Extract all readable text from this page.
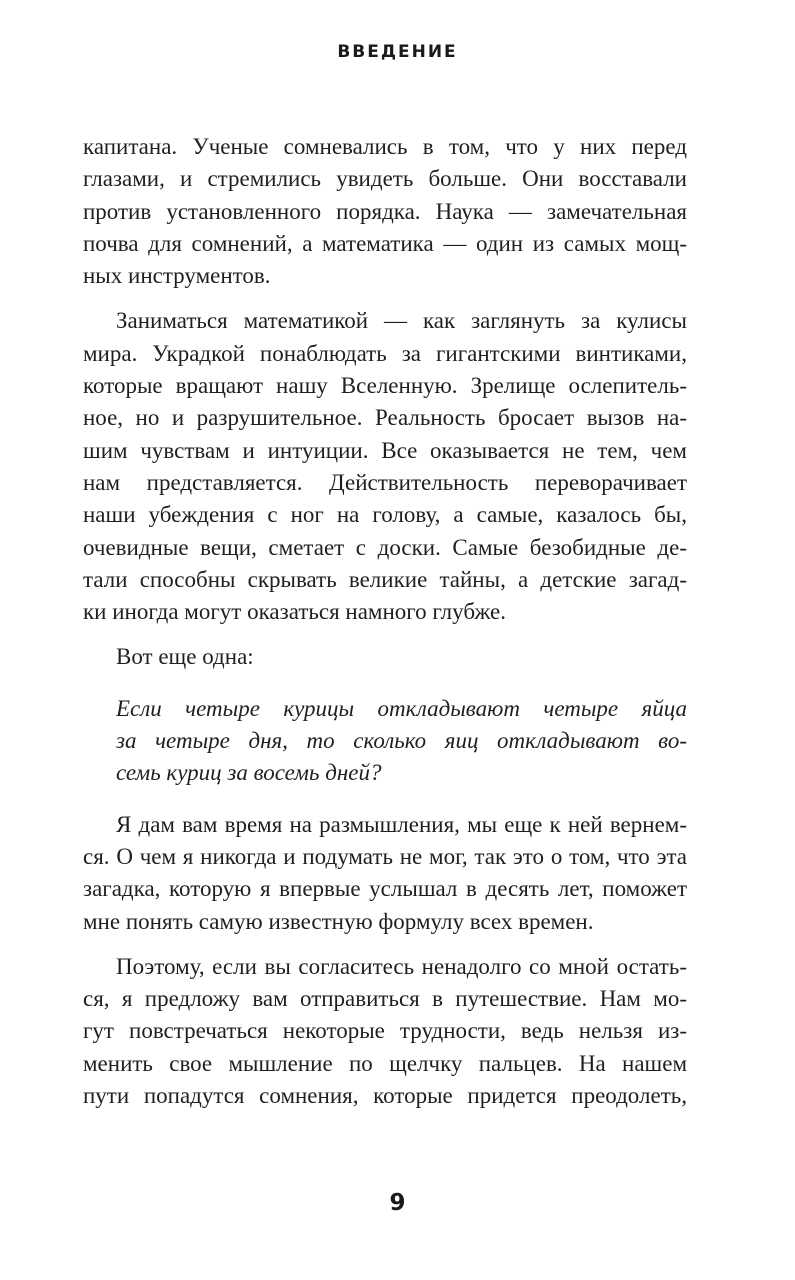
ВВЕДЕНИЕ
капитана. Ученые сомневались в том, что у них перед
глазами, и стремились увидеть больше. Они восставали
против установленного порядка. Наука — замечательная
почва для сомнений, а математика — один из самых мощ-
ных инструментов.
Заниматься математикой — как заглянуть за кулисы
мира. Украдкой понаблюдать за гигантскими винтиками,
которые вращают нашу Вселенную. Зрелище ослепитель-
ное, но и разрушительное. Реальность бросает вызов на-
шим чувствам и интуиции. Все оказывается не тем, чем
нам представляется. Действительность переворачивает
наши убеждения с ног на голову, а самые, казалось бы,
очевидные вещи, сметает с доски. Самые безобидные де-
тали способны скрывать великие тайны, а детские загад-
ки иногда могут оказаться намного глубже.
Вот еще одна:
Если четыре курицы откладывают четыре яйца
за четыре дня, то сколько яиц откладывают во-
семь куриц за восемь дней?
Я дам вам время на размышления, мы еще к ней вернем-
ся. О чем я никогда и подумать не мог, так это о том, что эта
загадка, которую я впервые услышал в десять лет, поможет
мне понять самую известную формулу всех времен.
Поэтому, если вы согласитесь ненадолго со мной остать-
ся, я предложу вам отправиться в путешествие. Нам мо-
гут повстречаться некоторые трудности, ведь нельзя из-
менить свое мышление по щелчку пальцев. На нашем
пути попадутся сомнения, которые придется преодолеть,
9
